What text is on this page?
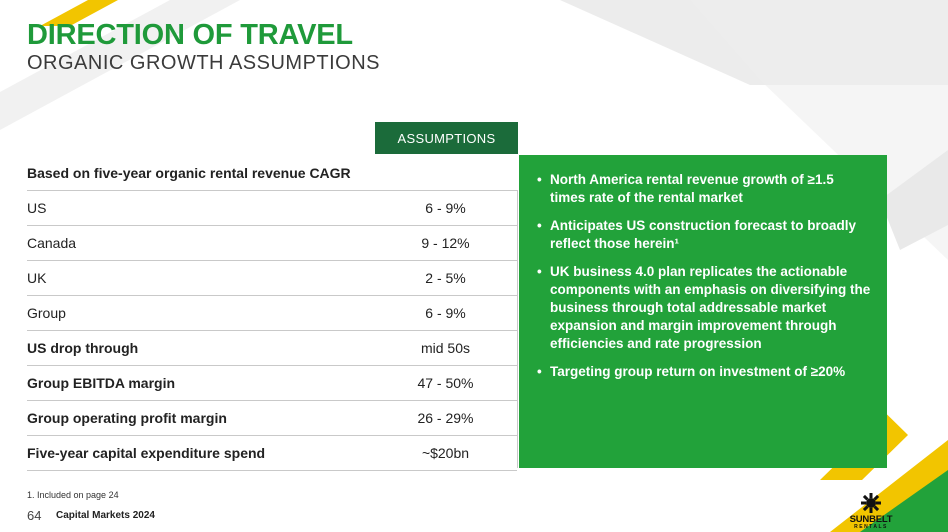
DIRECTION OF TRAVEL
ORGANIC GROWTH ASSUMPTIONS
ASSUMPTIONS
Based on five-year organic rental revenue CAGR
US	6 - 9%
Canada	9 - 12%
UK	2 - 5%
Group	6 - 9%
US drop through	mid 50s
Group EBITDA margin	47 - 50%
Group operating profit margin	26 - 29%
Five-year capital expenditure spend	~$20bn
• North America rental revenue growth of ≥1.5 times rate of the rental market
• Anticipates US construction forecast to broadly reflect those herein¹
• UK business 4.0 plan replicates the actionable components with an emphasis on diversifying the business through total addressable market expansion and margin improvement through efficiencies and rate progression
• Targeting group return on investment of ≥20%
1. Included on page 24
64 Capital Markets 2024	SUNBELT
RENTALS
